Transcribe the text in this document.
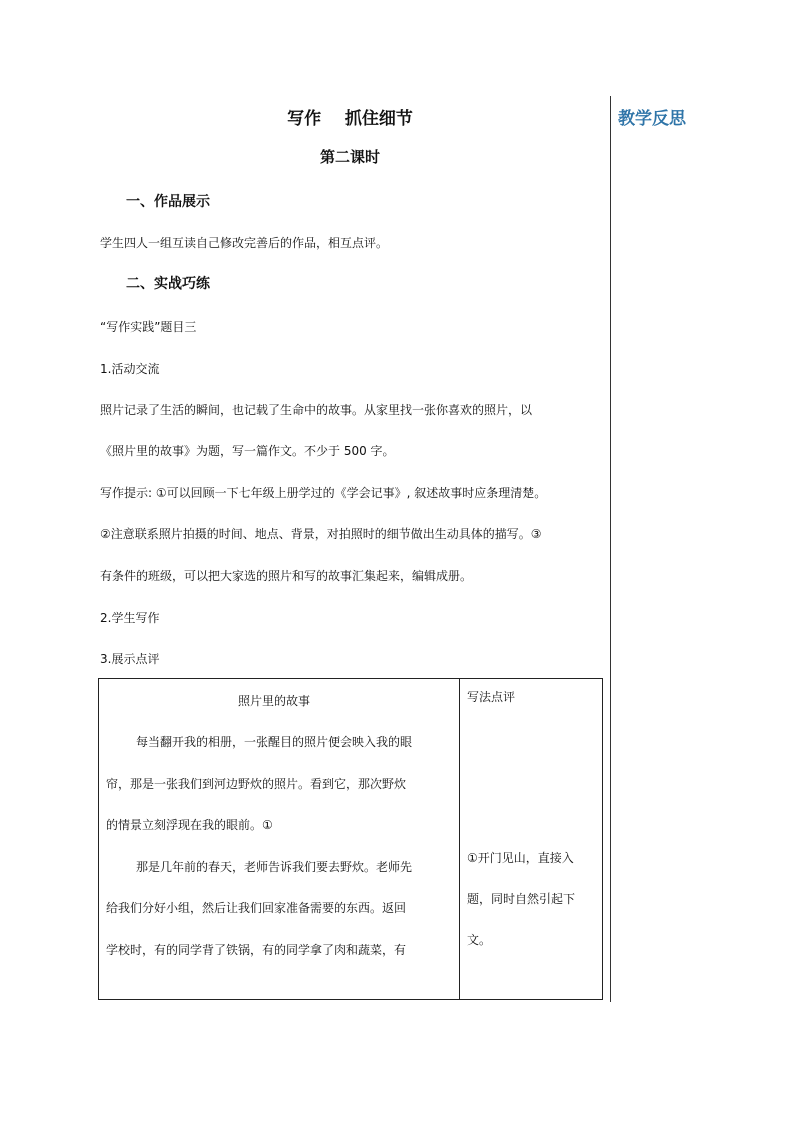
教学反思
写作    抓住细节
第二课时
一、作品展示
学生四人一组互读自己修改完善后的作品，相互点评。
二、实战巧练
“写作实践”题目三
1.活动交流
照片记录了生活的瞬间，也记载了生命中的故事。从家里找一张你喜欢的照片，以
《照片里的故事》为题，写一篇作文。不少于 500 字。
写作提示: ①可以回顾一下七年级上册学过的《学会记事》, 叙述故事时应条理清楚。
②注意联系照片拍摄的时间、地点、背景，对拍照时的细节做出生动具体的描写。③
有条件的班级，可以把大家选的照片和写的故事汇集起来，编辑成册。
2.学生写作
3.展示点评
照片里的故事
每当翻开我的相册，一张醒目的照片便会映入我的眼
帘，那是一张我们到河边野炊的照片。看到它，那次野炊
的情景立刻浮现在我的眼前。①
那是几年前的春天，老师告诉我们要去野炊。老师先
给我们分好小组，然后让我们回家准备需要的东西。返回
学校时，有的同学背了铁锅，有的同学拿了肉和蔬菜，有
写法点评
①开门见山，直接入
题，同时自然引起下
文。
